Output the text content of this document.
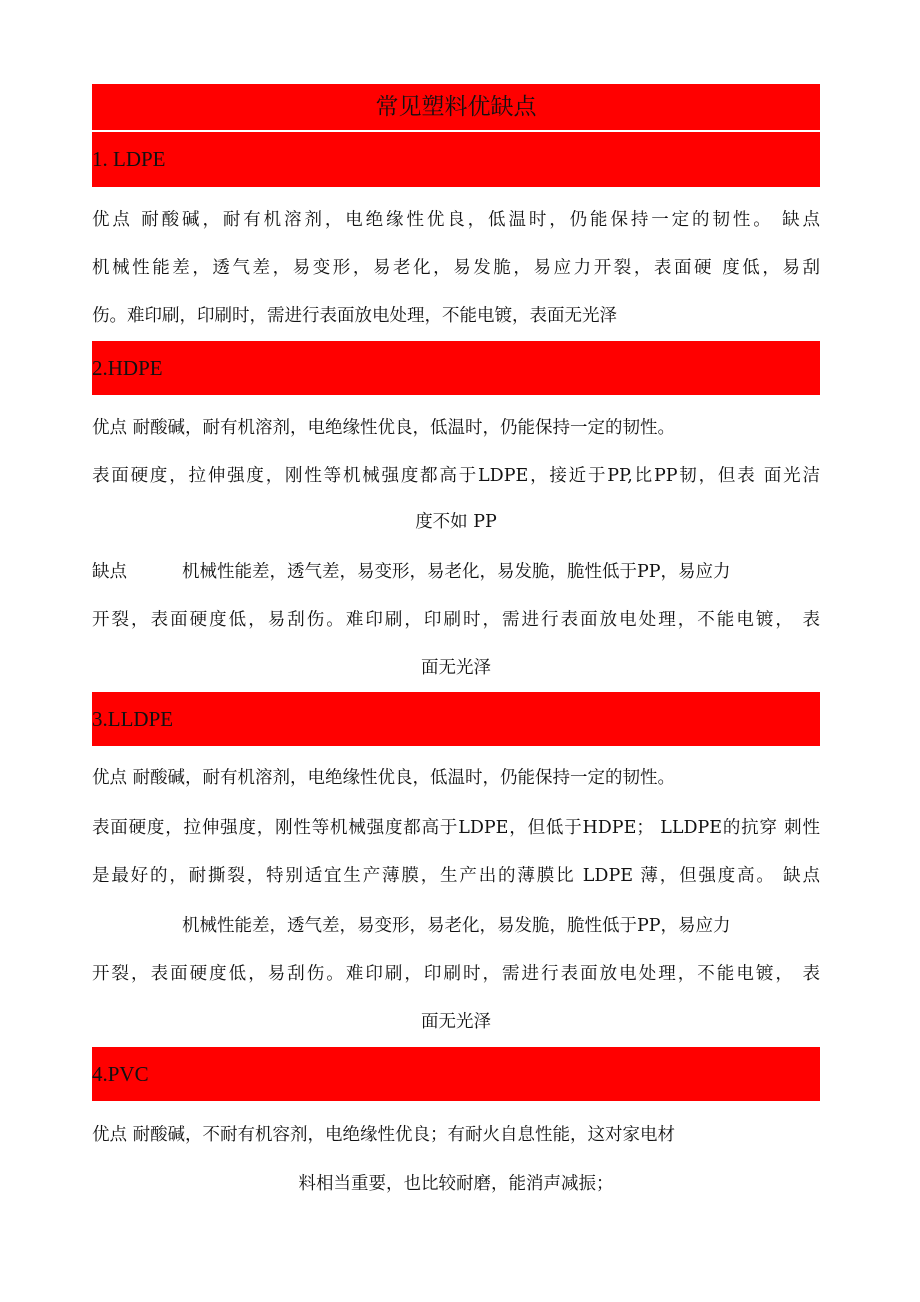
常见塑料优缺点
1. LDPE
优点 耐酸碱，耐有机溶剂，电绝缘性优良，低温时，仍能保持一定的韧性。 缺点
机械性能差，透气差，易变形，易老化，易发脆，易应力开裂，表面硬 度低，易刮
伤。难印刷，印刷时，需进行表面放电处理，不能电镀，表面无光泽
2.HDPE
优点 耐酸碱，耐有机溶剂，电绝缘性优良，低温时，仍能保持一定的韧性。
表面硬度，拉伸强度，刚性等机械强度都高于LDPE，接近于PP,比PP韧，但表 面光洁
度不如 PP
缺点	机械性能差，透气差，易变形，易老化，易发脆，脆性低于PP，易应力
开裂，表面硬度低，易刮伤。难印刷，印刷时，需进行表面放电处理，不能电镀， 表
面无光泽
3.LLDPE
优点 耐酸碱，耐有机溶剂，电绝缘性优良，低温时，仍能保持一定的韧性。
表面硬度，拉伸强度，刚性等机械强度都高于LDPE，但低于HDPE； LLDPE的抗穿 刺性
是最好的，耐撕裂，特别适宜生产薄膜，生产出的薄膜比 LDPE 薄，但强度高。 缺点
机械性能差，透气差，易变形，易老化，易发脆，脆性低于PP，易应力
开裂，表面硬度低，易刮伤。难印刷，印刷时，需进行表面放电处理，不能电镀， 表
面无光泽
4.PVC
优点 耐酸碱，不耐有机容剂，电绝缘性优良；有耐火自息性能，这对家电材
料相当重要，也比较耐磨，能消声减振；
